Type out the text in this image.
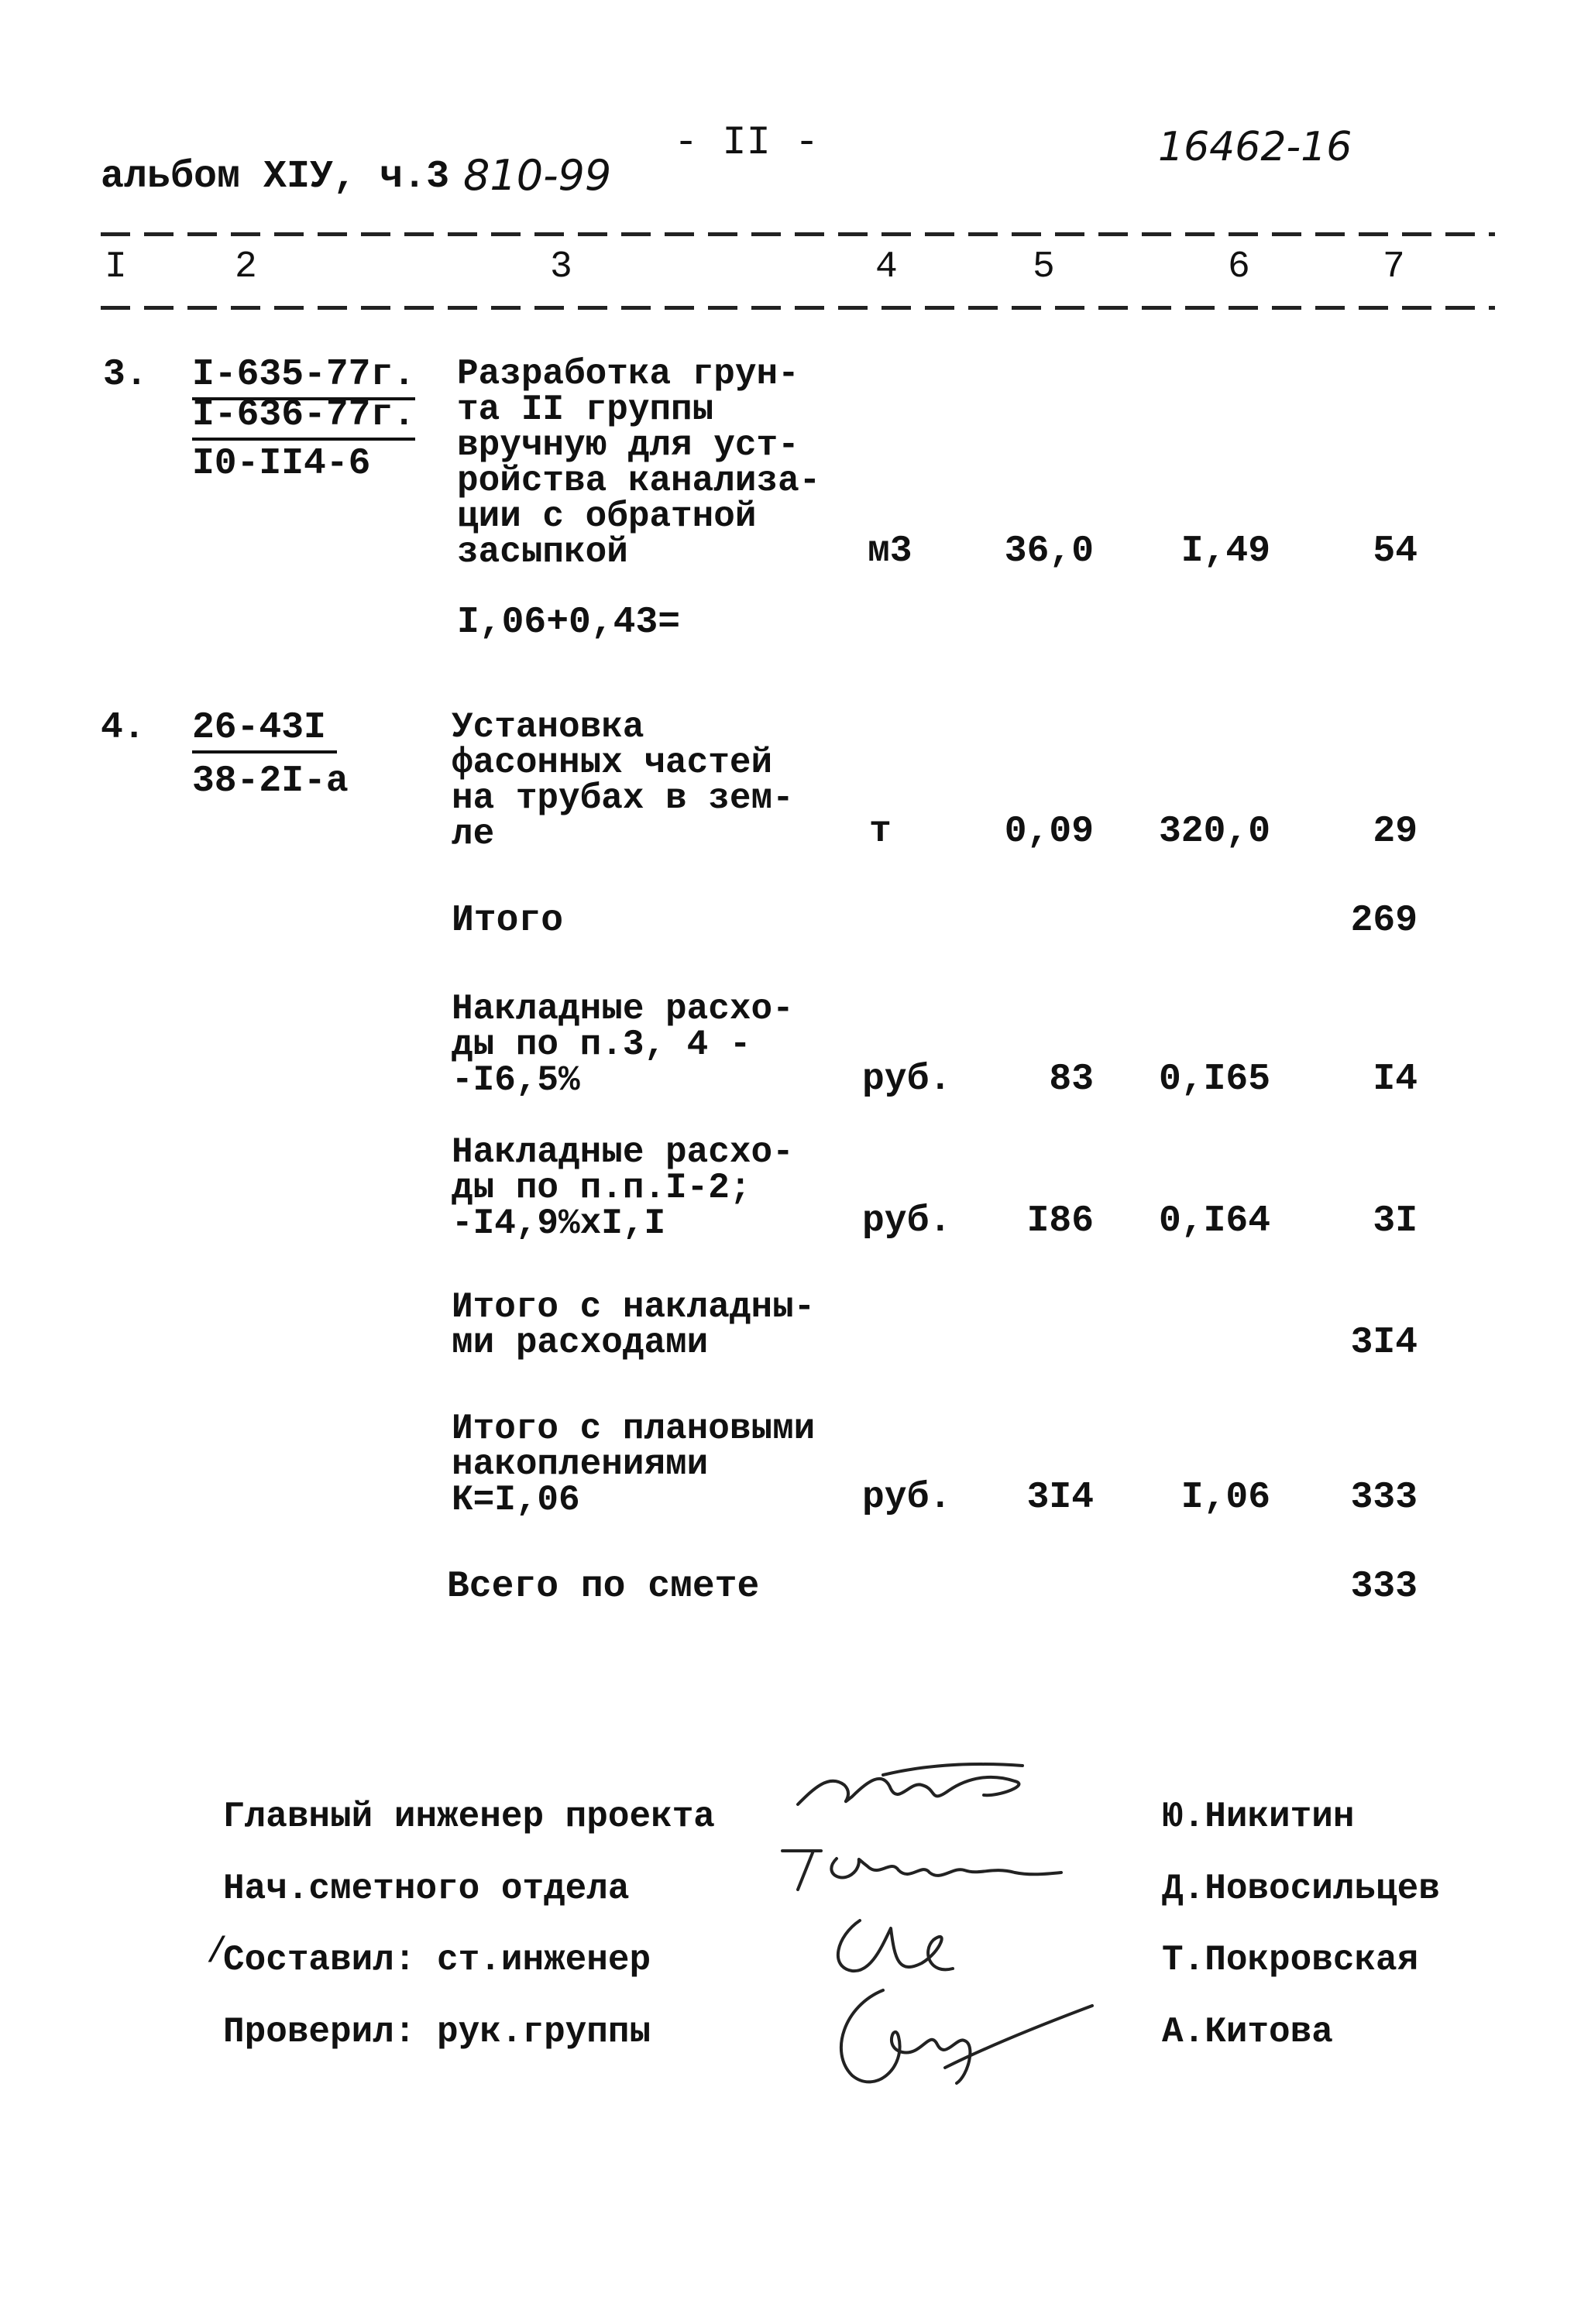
альбом XIУ, ч.3 810-99
- II -	16462-16
I	2	3	4	5	6	7
3. I-635-77г.
I-636-77г.
I0-II4-6
Разработка грун-
та II группы
вручную для уст-
ройства канализа-
ции с обратной
засыпкой	м3	36,0	I,49	54
I,06+0,43=
4. 26-43I
38-2I-a
Установка
фасонных частей
на трубах в зем-
ле	т	0,09	320,0	29
Итого	269
Накладные расхо-
ды по п.3, 4 -
-I6,5%	руб.	83	0,I65	I4
Накладные расхо-
ды по п.п.I-2;
-I4,9%xI,I	руб.	I86	0,I64	3I
Итого с накладны-
ми расходами	3I4
Итого с плановыми
накоплениями
К=I,06	руб.	3I4	I,06	333
Всего по смете	333
Главный инженер проекта	Ю.Никитин
Нач.сметного отдела	Д.Новосильцев
/
Составил: ст.инженер	Т.Покровская
Проверил: рук.группы	А.Китова
